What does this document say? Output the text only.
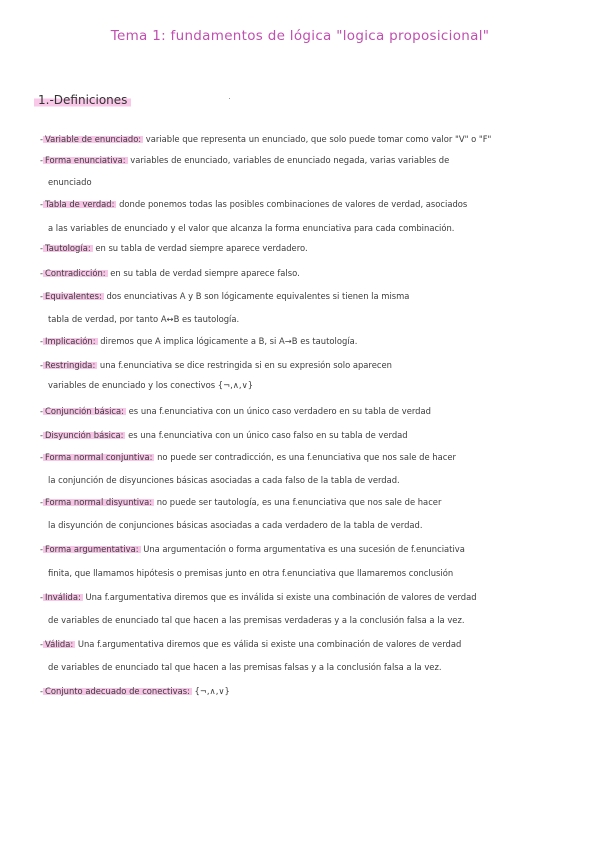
Tema 1: fundamentos de lógica "logica proposicional"
1.-Definiciones
- Variable de enunciado: variable que representa un enunciado, que solo puede tomar como valor "V" o "F"
- Forma enunciativa: variables de enunciado, variables de enunciado negada, varias variables de
enunciado
- Tabla de verdad: donde ponemos todas las posibles combinaciones de valores de verdad, asociados
a las variables de enunciado y el valor que alcanza la forma enunciativa para cada combinación.
- Tautología: en su tabla de verdad siempre aparece verdadero.
- Contradicción: en su tabla de verdad siempre aparece falso.
- Equivalentes: dos enunciativas A y B son lógicamente equivalentes si tienen la misma
tabla de verdad, por tanto A↔B es tautología.
- Implicación: diremos que A implica lógicamente a B, si A→B es tautología.
- Restringida: una f.enunciativa se dice restringida si en su expresión solo aparecen
variables de enunciado y los conectivos {¬,∧,∨}
- Conjunción básica: es una f.enunciativa con un único caso verdadero en su tabla de verdad
- Disyunción básica: es una f.enunciativa con un único caso falso en su tabla de verdad
- Forma normal conjuntiva: no puede ser contradicción, es una f.enunciativa que nos sale de hacer
la conjunción de disyunciones básicas asociadas a cada falso de la tabla de verdad.
- Forma normal disyuntiva: no puede ser tautología, es una f.enunciativa que nos sale de hacer
la disyunción de conjunciones básicas asociadas a cada verdadero de la tabla de verdad.
- Forma argumentativa: Una argumentación o forma argumentativa es una sucesión de f.enunciativa
finita, que llamamos hipótesis o premisas junto en otra f.enunciativa que llamaremos conclusión
- Inválida: Una f.argumentativa diremos que es inválida si existe una combinación de valores de verdad
de variables de enunciado tal que hacen a las premisas verdaderas y a la conclusión falsa a la vez.
- Válida: Una f.argumentativa diremos que es válida si existe una combinación de valores de verdad
de variables de enunciado tal que hacen a las premisas falsas y a la conclusión falsa a la vez.
- Conjunto adecuado de conectivas: {¬,∧,∨}
